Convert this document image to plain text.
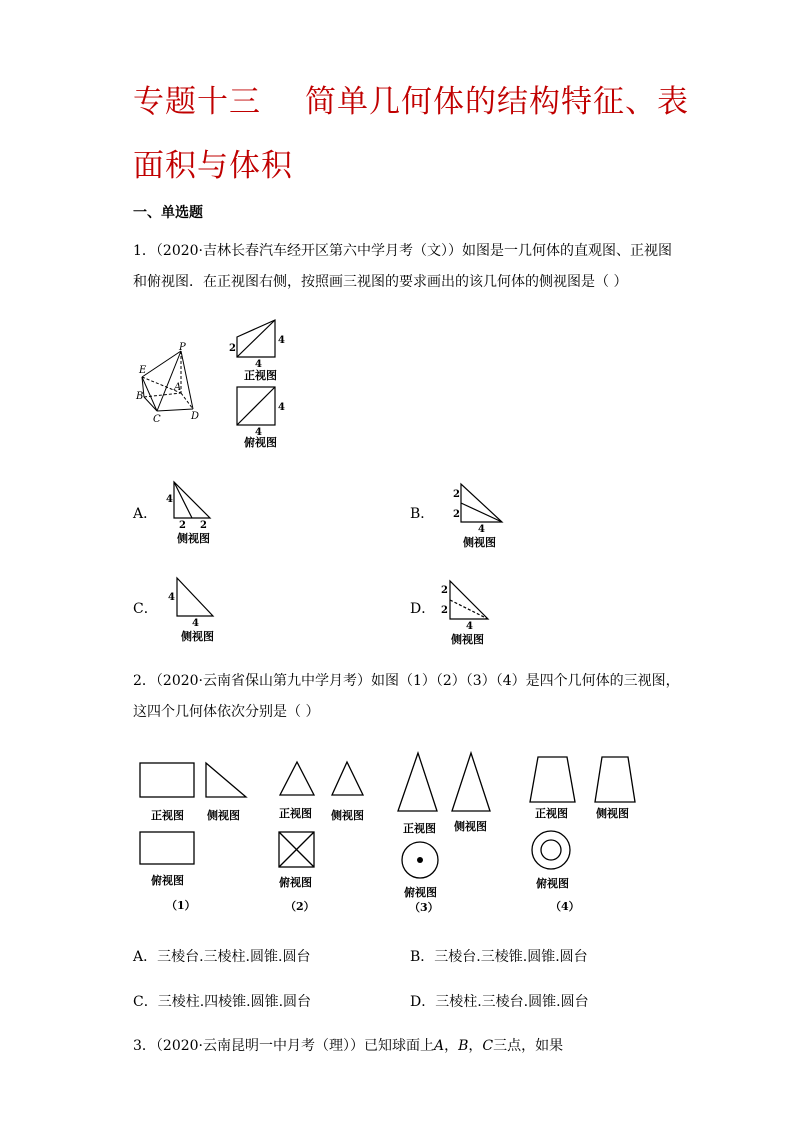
专题十三 简单几何体的结构特征、表
面积与体积
一、单选题
1．（2020·吉林长春汽车经开区第六中学月考（文））如图是一几何体的直观图、正视图
和俯视图．在正视图右侧，按照画三视图的要求画出的该几何体的侧视图是（ ）
P
E
A
B
C	D
2
4
4
正视图
4
4
俯视图
A．
4
2 2
侧视图
B．
2
2
4
侧视图
C．
4
4
侧视图
D．
2
2
4
侧视图
2．（2020·云南省保山第九中学月考）如图（1）（2）（3）（4）是四个几何体的三视图，
这四个几何体依次分别是（ ）
正视图 侧视图
俯视图
（1）
正视图 侧视图
俯视图
（2）
正视图 侧视图
俯视图
（3）
正视图	侧视图
俯视图
（4）
A．三棱台.三棱柱.圆锥.圆台	B．三棱台.三棱锥.圆锥.圆台
C．三棱柱.四棱锥.圆锥.圆台	D．三棱柱.三棱台.圆锥.圆台
3．（2020·云南昆明一中月考（理））已知球面上A，B，C三点，如果
